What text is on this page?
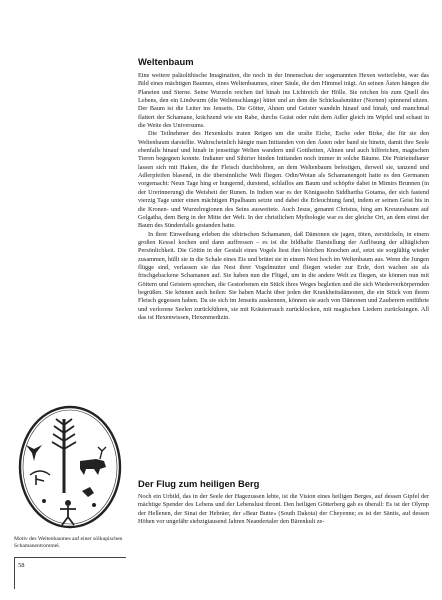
Weltenbaum

Eine weitere paläolithische Imagination, die noch in der Innenschau der sogenannten Hexen weiterlebte, war das Bild eines mächtigen Baumes, eines Weltenbaumes, einer Säule, die den Himmel trägt. An seinen Ästen hängen die Planeten und Sterne. Seine Wurzeln reichen tief hinab ins Lichtreich der Hölle. Sie reichen bis zum Quell des Lebens, den ein Lindwurm (die Weltenschlange) hütet und an dem die Schicksalsmütter (Nornen) spinnend sitzen. Der Baum ist die Leiter ins Jenseits. Die Götter, Ahnen und Geister wandeln hinauf und hinab, und manchmal flattert der Schamane, krächzend wie ein Rabe, durchs Geäst oder ruht dem Adler gleich im Wipfel und schaut in die Weite des Universums.

Die Teilnehmer des Hexenkults traten Reigen um die uralte Eiche, Esche oder Birke, die für sie den Weltenbaum darstellte. Wahrscheinlich hängte man Initianden von den Ästen oder band sie hinein, damit ihre Seele ebenfalls hinauf und hinab in jenseitige Welten wandern und Gottheiten, Ahnen und auch hilfreichen, magischen Tieren begegnen konnte. Indianer und Sibirier binden Initianden noch immer in solche Bäume. Die Prärieindianer lassen sich mit Haken, die ihr Fleisch durchbohren, an dem Weltenbaum befestigen, derweil sie, tanzend und Adlerpfeifen blasend, in die übersinnliche Welt fliegen. Odin/Wotan als Schamanengott hatte es den Germanen vorgemacht: Neun Tage hing er hungernd, durstend, schlaflos am Baum und schöpfte dabei in Mimirs Brunnen (in der Urerinnerung) die Weisheit der Runen. In Indien war es der Königssohn Siddhartha Gotama, der sich fastend vierzig Tage unter einen mächtigen Pipalbaum setzte und dabei die Erleuchtung fand, indem er seinen Geist bis in die Kronen- und Wurzelregionen des Seins ausweitete. Auch Jesus, genannt Christus, hing am Kreuzesbaum auf Golgatha, dem Berg in der Mitte der Welt. In der christlichen Mythologie war es der gleiche Ort, an dem einst der Baum des Sündenfalls gestanden hatte.

In ihrer Einweihung erleben die sibirischen Schamanen, daß Dämonen sie jagen, töten, zerstückeln, in einem großen Kessel kochen und dann auffressen – es ist die bildhafte Darstellung der Auflösung der alltäglichen Persönlichkeit. Die Göttin in der Gestalt eines Vogels liest ihre bleichen Knochen auf, setzt sie sorgfältig wieder zusammen, hüllt sie in die Schale eines Eis und brütet sie in einem Nest hoch im Weltenbaum aus. Wenn die Jungen flügge sind, verlassen sie das Nest ihrer Vogelmutter und fliegen wieder zur Erde, dort wachen sie als frischgebackene Schamanen auf. Sie haben nun die Flügel, um in die andere Welt zu fliegen, sie können nun mit Göttern und Geistern sprechen, die Gestorbenen ein Stück ihres Weges begleiten und die sich Wiederverkörpernden begrüßen. Sie können auch heilen: Sie haben Macht über jeden der Krankheitsdämonen, die ein Stück von ihrem Fleisch gegessen haben. Da sie sich im Jenseits auskennen, können sie auch von Dämonen und Zauberern entführte und verlorene Seelen zurückführen, sie mit Kräuterrauch zurücklocken, mit magischen Liedern zurücksingen. All das ist Hexenwissen, Hexenmedizin.

Der Flug zum heiligen Berg

Noch ein Urbild, das in der Seele der Hagezussen lebte, ist die Vision eines heiligen Berges, auf dessen Gipfel der mächtige Spender des Lebens und der Lebenslust thront. Den heiligen Götterberg gab es überall: Es ist der Olymp der Hellenen, der Sinai der Hebräer, der »Bear Butte« (South Dakota) der Cheyenne; es ist der Säntis, auf dessen Höhen vor ungefähr siebzigtausend Jahren Neandertaler den Bärenkult ze-

Motiv des Weltenbaumes auf einer sölkupischen Schamanentrommel.
58
